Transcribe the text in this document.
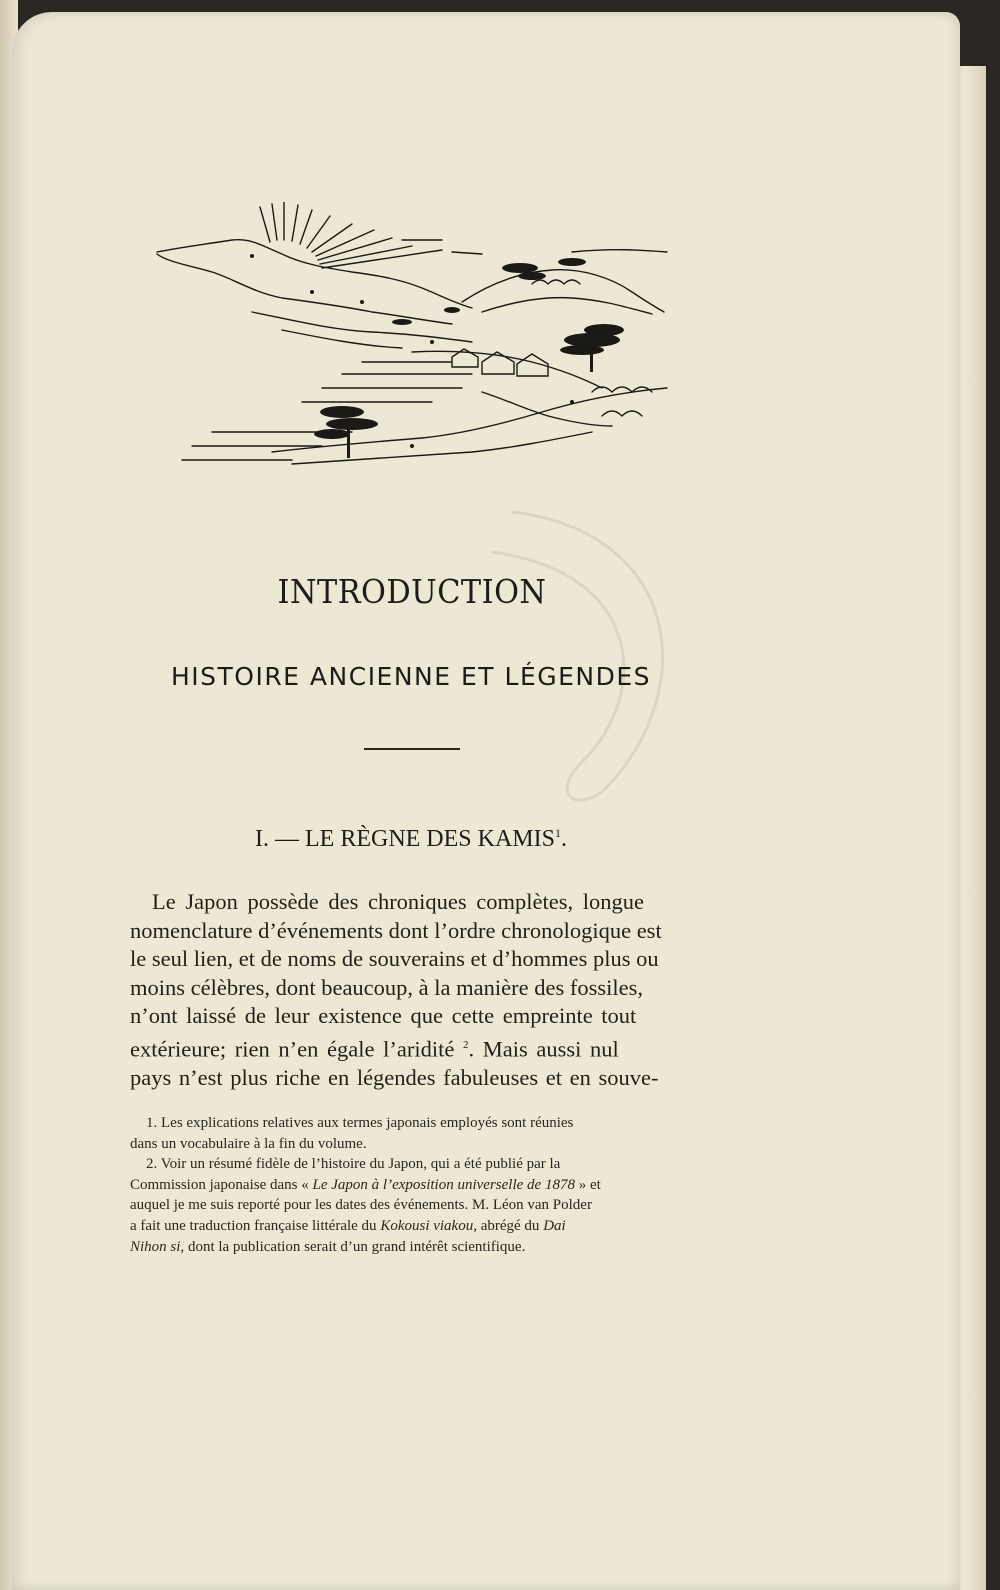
INTRODUCTION
HISTOIRE ANCIENNE ET LÉGENDES
I. — LE RÈGNE DES KAMIS$^1$.
Le Japon possède des chroniques complètes, longue
nomenclature d’événements dont l’ordre chronologique est
le seul lien, et de noms de souverains et d’hommes plus ou
moins célèbres, dont beaucoup, à la manière des fossiles,
n’ont laissé de leur existence que cette empreinte tout
extérieure; rien n’en égale l’aridité $^2$. Mais aussi nul
pays n’est plus riche en légendes fabuleuses et en souve-
1. Les explications relatives aux termes japonais employés sont réunies
dans un vocabulaire à la fin du volume.
2. Voir un résumé fidèle de l’histoire du Japon, qui a été publié par la
Commission japonaise dans « Le Japon à l’exposition universelle de 1878 » et
auquel je me suis reporté pour les dates des événements. M. Léon van Polder
a fait une traduction française littérale du Kokousi viakou, abrégé du Dai
Nihon si, dont la publication serait d’un grand intérêt scientifique.
